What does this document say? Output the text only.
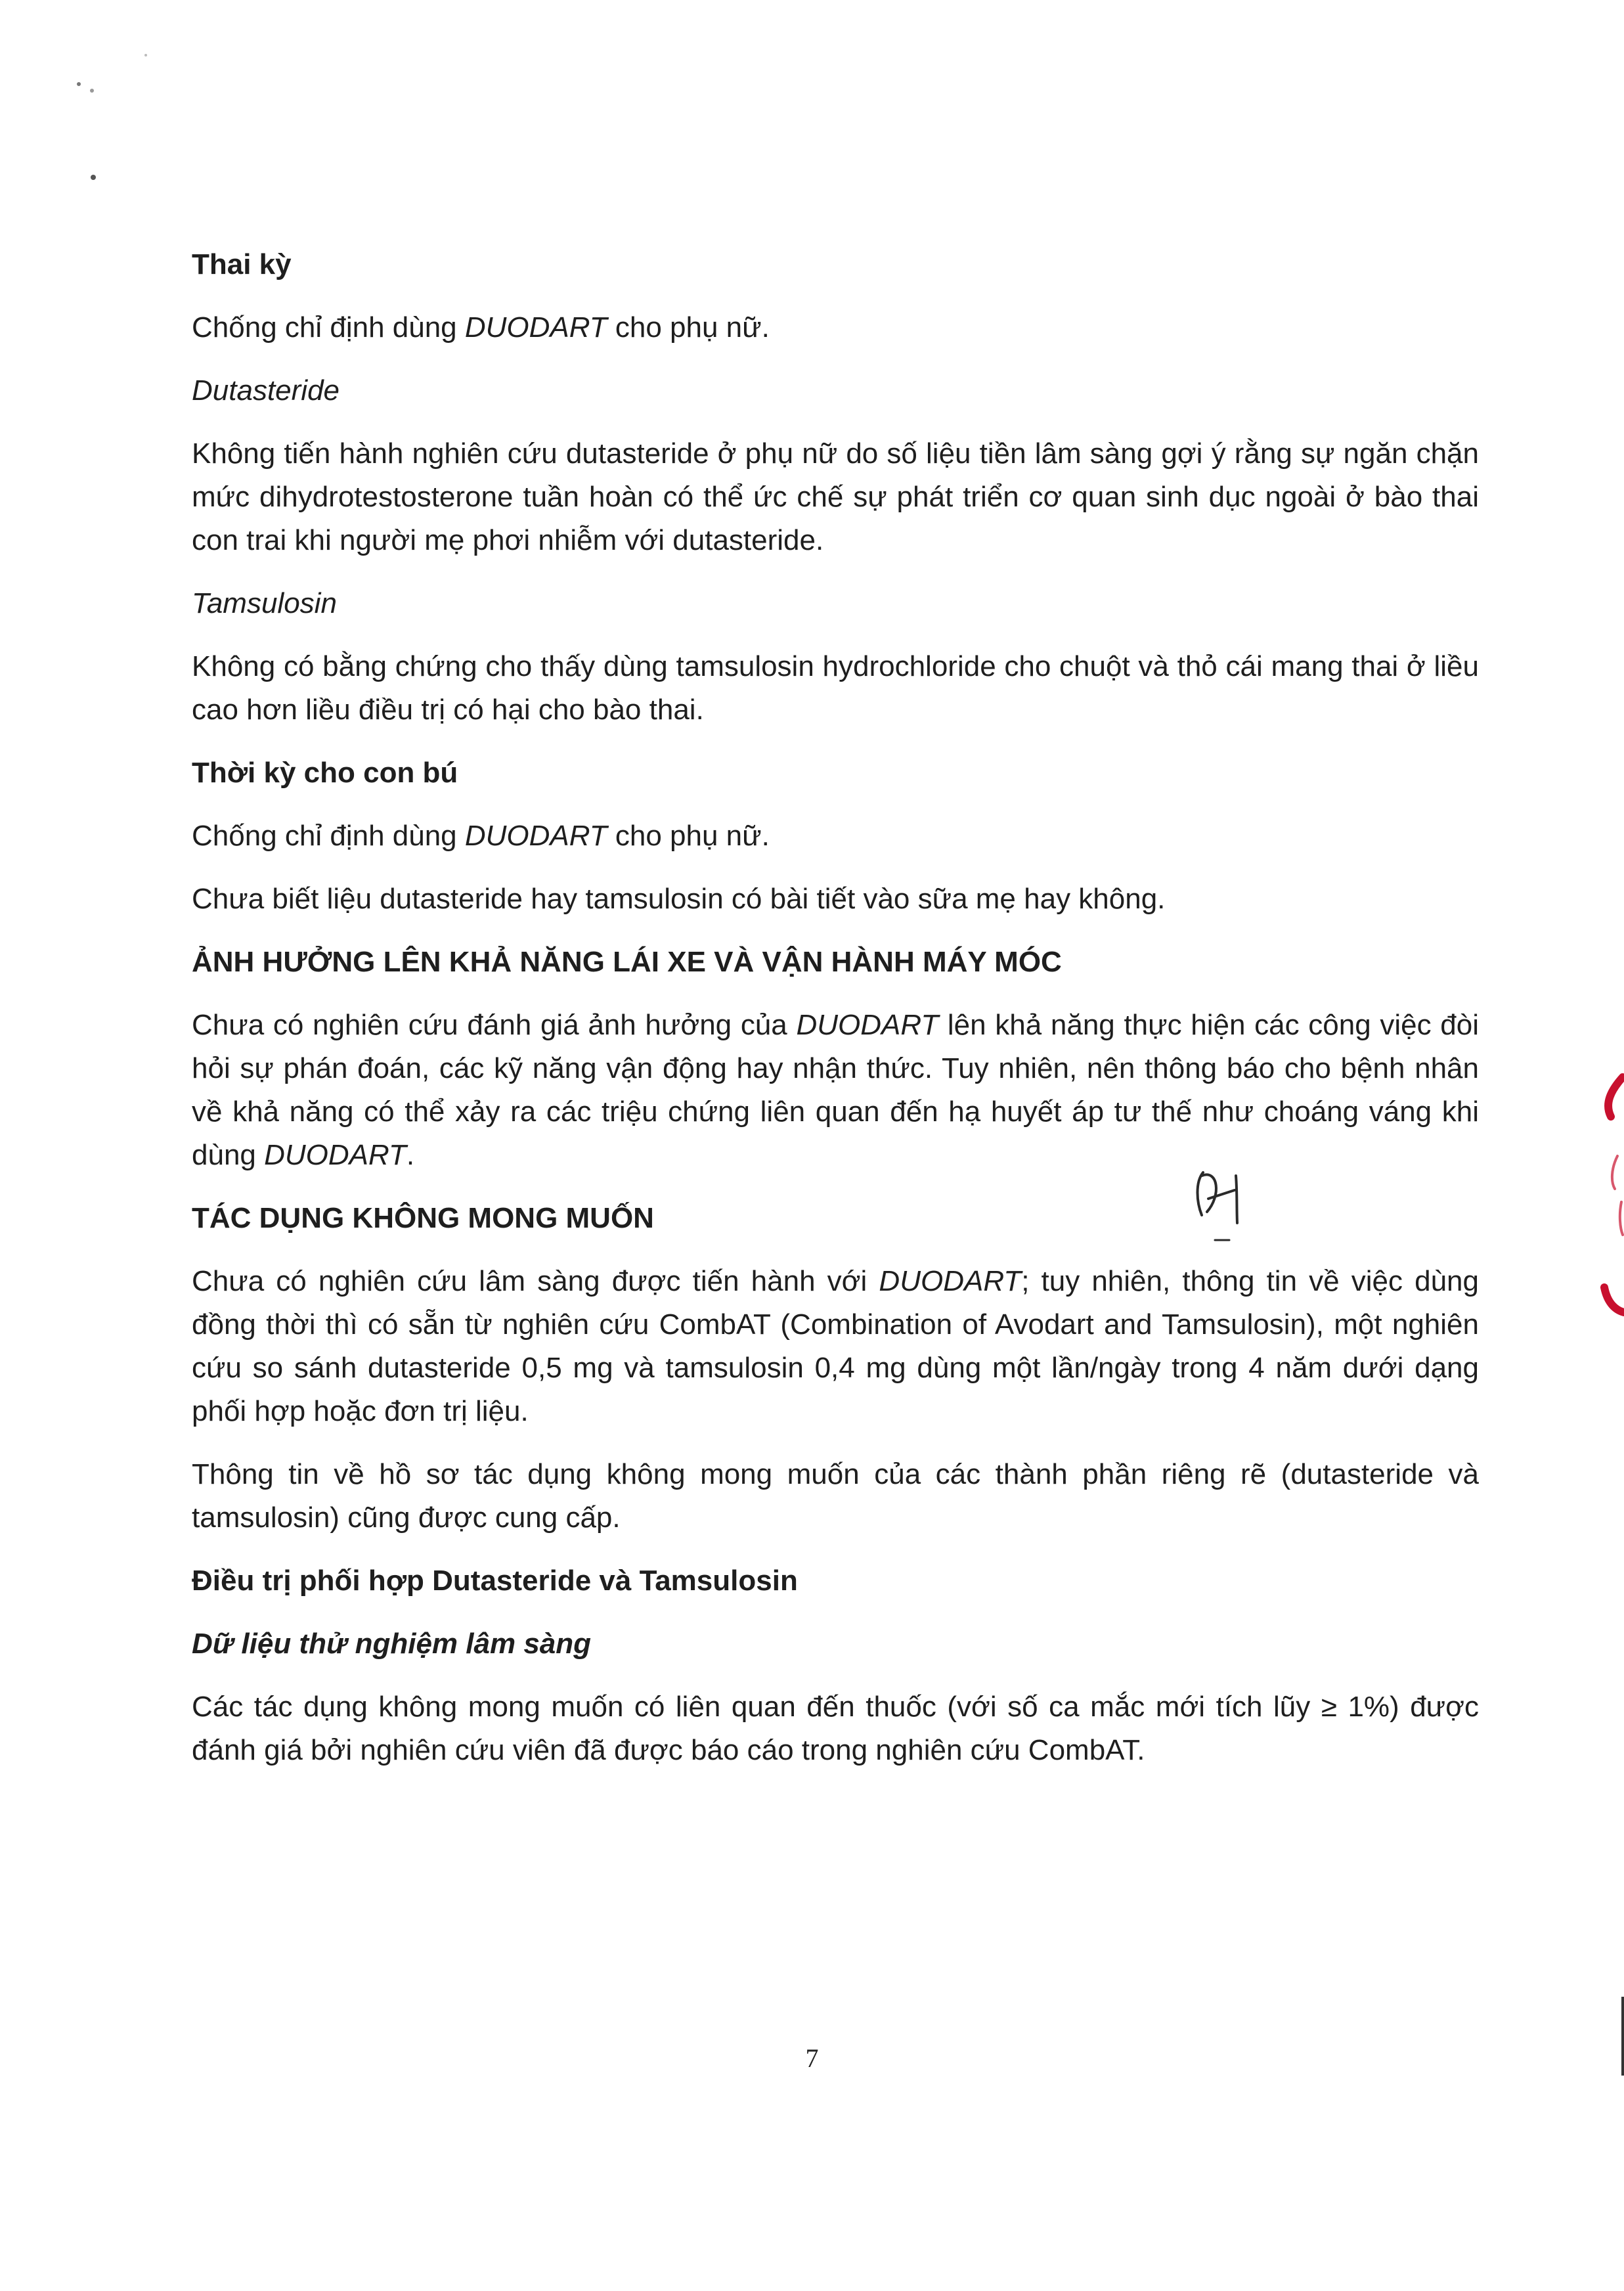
Thai kỳ

Chống chỉ định dùng DUODART cho phụ nữ.

Dutasteride

Không tiến hành nghiên cứu dutasteride ở phụ nữ do số liệu tiền lâm sàng gợi ý rằng sự ngăn chặn mức dihydrotestosterone tuần hoàn có thể ức chế sự phát triển cơ quan sinh dục ngoài ở bào thai con trai khi người mẹ phơi nhiễm với dutasteride.

Tamsulosin

Không có bằng chứng cho thấy dùng tamsulosin hydrochloride cho chuột và thỏ cái mang thai ở liều cao hơn liều điều trị có hại cho bào thai.

Thời kỳ cho con bú

Chống chỉ định dùng DUODART cho phụ nữ.

Chưa biết liệu dutasteride hay tamsulosin có bài tiết vào sữa mẹ hay không.

ẢNH HƯỞNG LÊN KHẢ NĂNG LÁI XE VÀ VẬN HÀNH MÁY MÓC

Chưa có nghiên cứu đánh giá ảnh hưởng của DUODART lên khả năng thực hiện các công việc đòi hỏi sự phán đoán, các kỹ năng vận động hay nhận thức. Tuy nhiên, nên thông báo cho bệnh nhân về khả năng có thể xảy ra các triệu chứng liên quan đến hạ huyết áp tư thế như choáng váng khi dùng DUODART.

TÁC DỤNG KHÔNG MONG MUỐN

Chưa có nghiên cứu lâm sàng được tiến hành với DUODART; tuy nhiên, thông tin về việc dùng đồng thời thì có sẵn từ nghiên cứu CombAT (Combination of Avodart and Tamsulosin), một nghiên cứu so sánh dutasteride 0,5 mg và tamsulosin 0,4 mg dùng một lần/ngày trong 4 năm dưới dạng phối hợp hoặc đơn trị liệu.

Thông tin về hồ sơ tác dụng không mong muốn của các thành phần riêng rẽ (dutasteride và tamsulosin) cũng được cung cấp.

Điều trị phối hợp Dutasteride và Tamsulosin
Dữ liệu thử nghiệm lâm sàng

Các tác dụng không mong muốn có liên quan đến thuốc (với số ca mắc mới tích lũy ≥ 1%) được đánh giá bởi nghiên cứu viên đã được báo cáo trong nghiên cứu CombAT.

7
